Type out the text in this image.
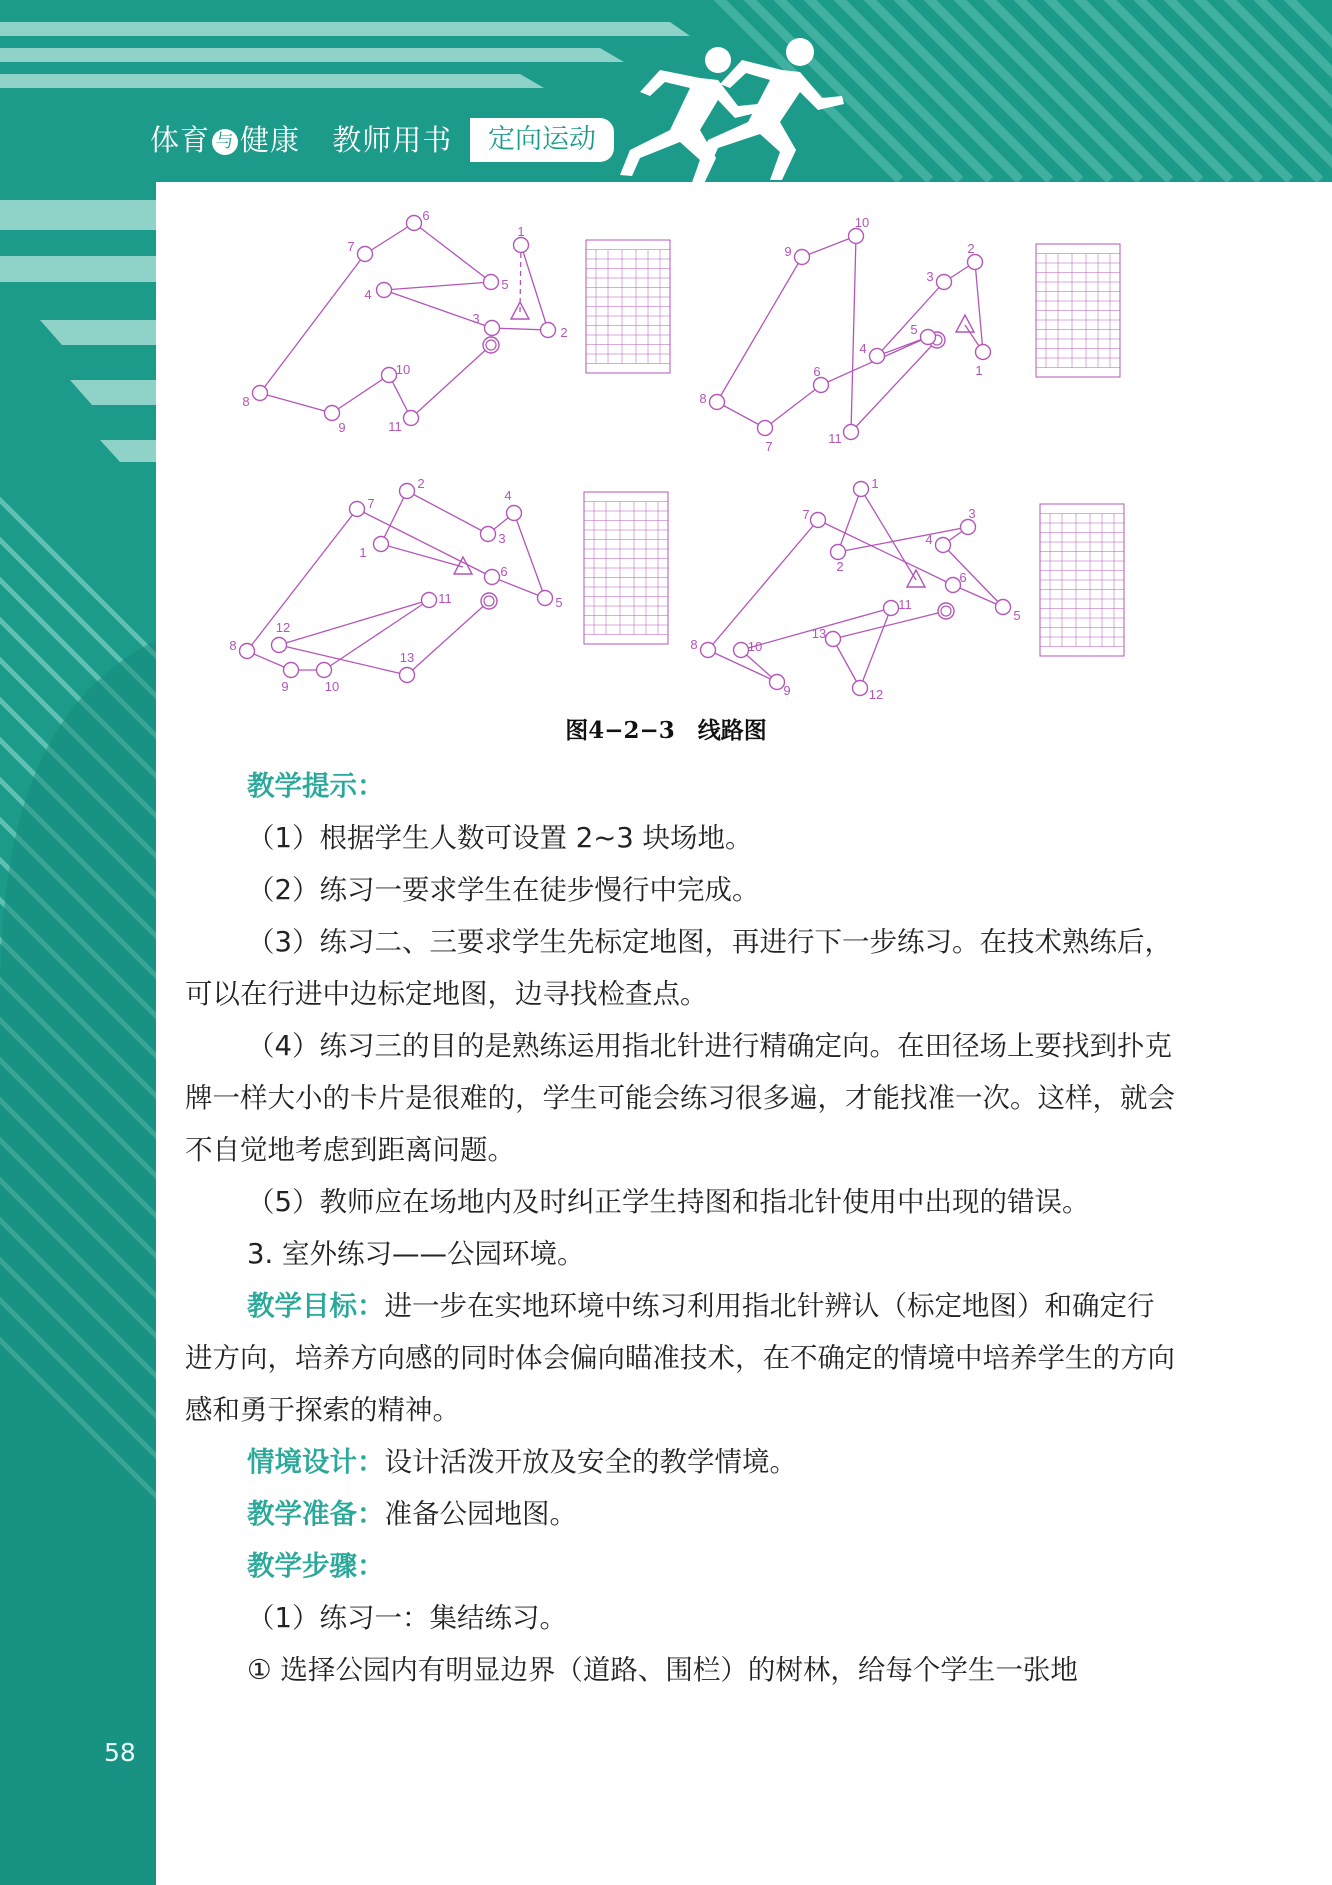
体育 与 健康 教师用书	定向运动
1
2
3
4
5
6
7
8
9
10
11
1
2
3
4
5
6
7
8
9
10
11
1
2
3
4
5
6
7
8
9	10
11
12
13
1
2
3
4
5
6
7
8
9
10
11
12
13
图4−2−3　线路图

教学提示：

（1）根据学生人数可设置 2~3 块场地。

（2）练习一要求学生在徒步慢行中完成。

（3）练习二、三要求学生先标定地图，再进行下一步练习。在技术熟练后，可以在行进中边标定地图，边寻找检查点。

（4）练习三的目的是熟练运用指北针进行精确定向。在田径场上要找到扑克牌一样大小的卡片是很难的，学生可能会练习很多遍，才能找准一次。这样，就会不自觉地考虑到距离问题。

（5）教师应在场地内及时纠正学生持图和指北针使用中出现的错误。

3. 室外练习——公园环境。

教学目标：进一步在实地环境中练习利用指北针辨认（标定地图）和确定行进方向，培养方向感的同时体会偏向瞄准技术，在不确定的情境中培养学生的方向感和勇于探索的精神。

情境设计：设计活泼开放及安全的教学情境。

教学准备：准备公园地图。

教学步骤：

（1）练习一：集结练习。

① 选择公园内有明显边界（道路、围栏）的树林，给每个学生一张地

58
